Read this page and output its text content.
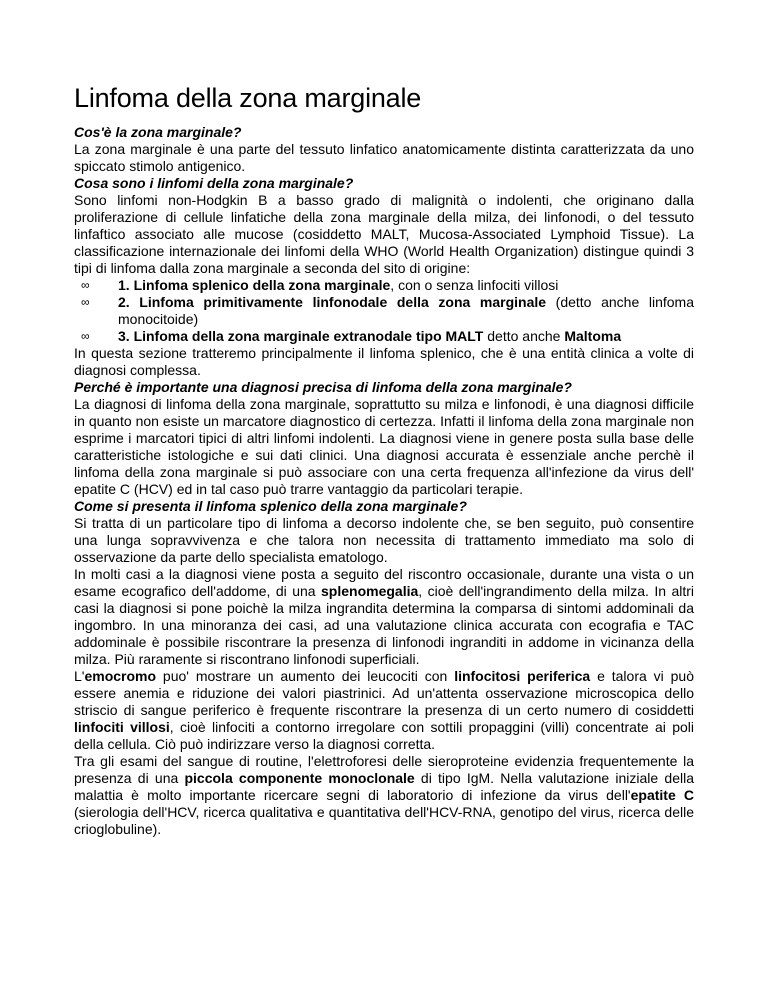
Linfoma della zona marginale
Cos'è la zona marginale?

La zona marginale è una parte del tessuto linfatico anatomicamente distinta caratterizzata da uno spiccato stimolo antigenico.

Cosa sono i linfomi della zona marginale?

Sono linfomi non-Hodgkin B a basso grado di malignità o indolenti, che originano dalla proliferazione di cellule linfatiche della zona marginale della milza, dei linfonodi, o del tessuto linfaftico associato alle mucose (cosiddetto MALT, Mucosa-Associated Lymphoid Tissue). La classificazione internazionale dei linfomi della WHO (World Health Organization) distingue quindi 3 tipi di linfoma dalla zona marginale a seconda del sito di origine:

∞ 1. Linfoma splenico della zona marginale, con o senza linfociti villosi
∞ 2. Linfoma primitivamente linfonodale della zona marginale (detto anche linfoma monocitoide)
∞ 3. Linfoma della zona marginale extranodale tipo MALT detto anche Maltoma

In questa sezione tratteremo principalmente il linfoma splenico, che è una entità clinica a volte di diagnosi complessa.

Perché è importante una diagnosi precisa di linfoma della zona marginale?

La diagnosi di linfoma della zona marginale, soprattutto su milza e linfonodi, è una diagnosi difficile in quanto non esiste un marcatore diagnostico di certezza. Infatti il linfoma della zona marginale non esprime i marcatori tipici di altri linfomi indolenti. La diagnosi viene in genere posta sulla base delle caratteristiche istologiche e sui dati clinici. Una diagnosi accurata è essenziale anche perchè il linfoma della zona marginale si può associare con una certa frequenza all'infezione da virus dell' epatite C (HCV) ed in tal caso può trarre vantaggio da particolari terapie.

Come si presenta il linfoma splenico della zona marginale?

Si tratta di un particolare tipo di linfoma a decorso indolente che, se ben seguito, può consentire una lunga sopravvivenza e che talora non necessita di trattamento immediato ma solo di osservazione da parte dello specialista ematologo.

In molti casi a la diagnosi viene posta a seguito del riscontro occasionale, durante una vista o un esame ecografico dell'addome, di una splenomegalia, cioè dell'ingrandimento della milza. In altri casi la diagnosi si pone poichè la milza ingrandita determina la comparsa di sintomi addominali da ingombro. In una minoranza dei casi, ad una valutazione clinica accurata con ecografia e TAC addominale è possibile riscontrare la presenza di linfonodi ingranditi in addome in vicinanza della milza. Più raramente si riscontrano linfonodi superficiali.

L'emocromo puo' mostrare un aumento dei leucociti con linfocitosi periferica e talora vi può essere anemia e riduzione dei valori piastrinici. Ad un'attenta osservazione microscopica dello striscio di sangue periferico è frequente riscontrare la presenza di un certo numero di cosiddetti linfociti villosi, cioè linfociti a contorno irregolare con sottili propaggini (villi) concentrate ai poli della cellula. Ciò può indirizzare verso la diagnosi corretta.

Tra gli esami del sangue di routine, l'elettroforesi delle sieroproteine evidenzia frequentemente la presenza di una piccola componente monoclonale di tipo IgM. Nella valutazione iniziale della malattia è molto importante ricercare segni di laboratorio di infezione da virus dell'epatite C (sierologia dell'HCV, ricerca qualitativa e quantitativa dell'HCV-RNA, genotipo del virus, ricerca delle crioglobuline).
